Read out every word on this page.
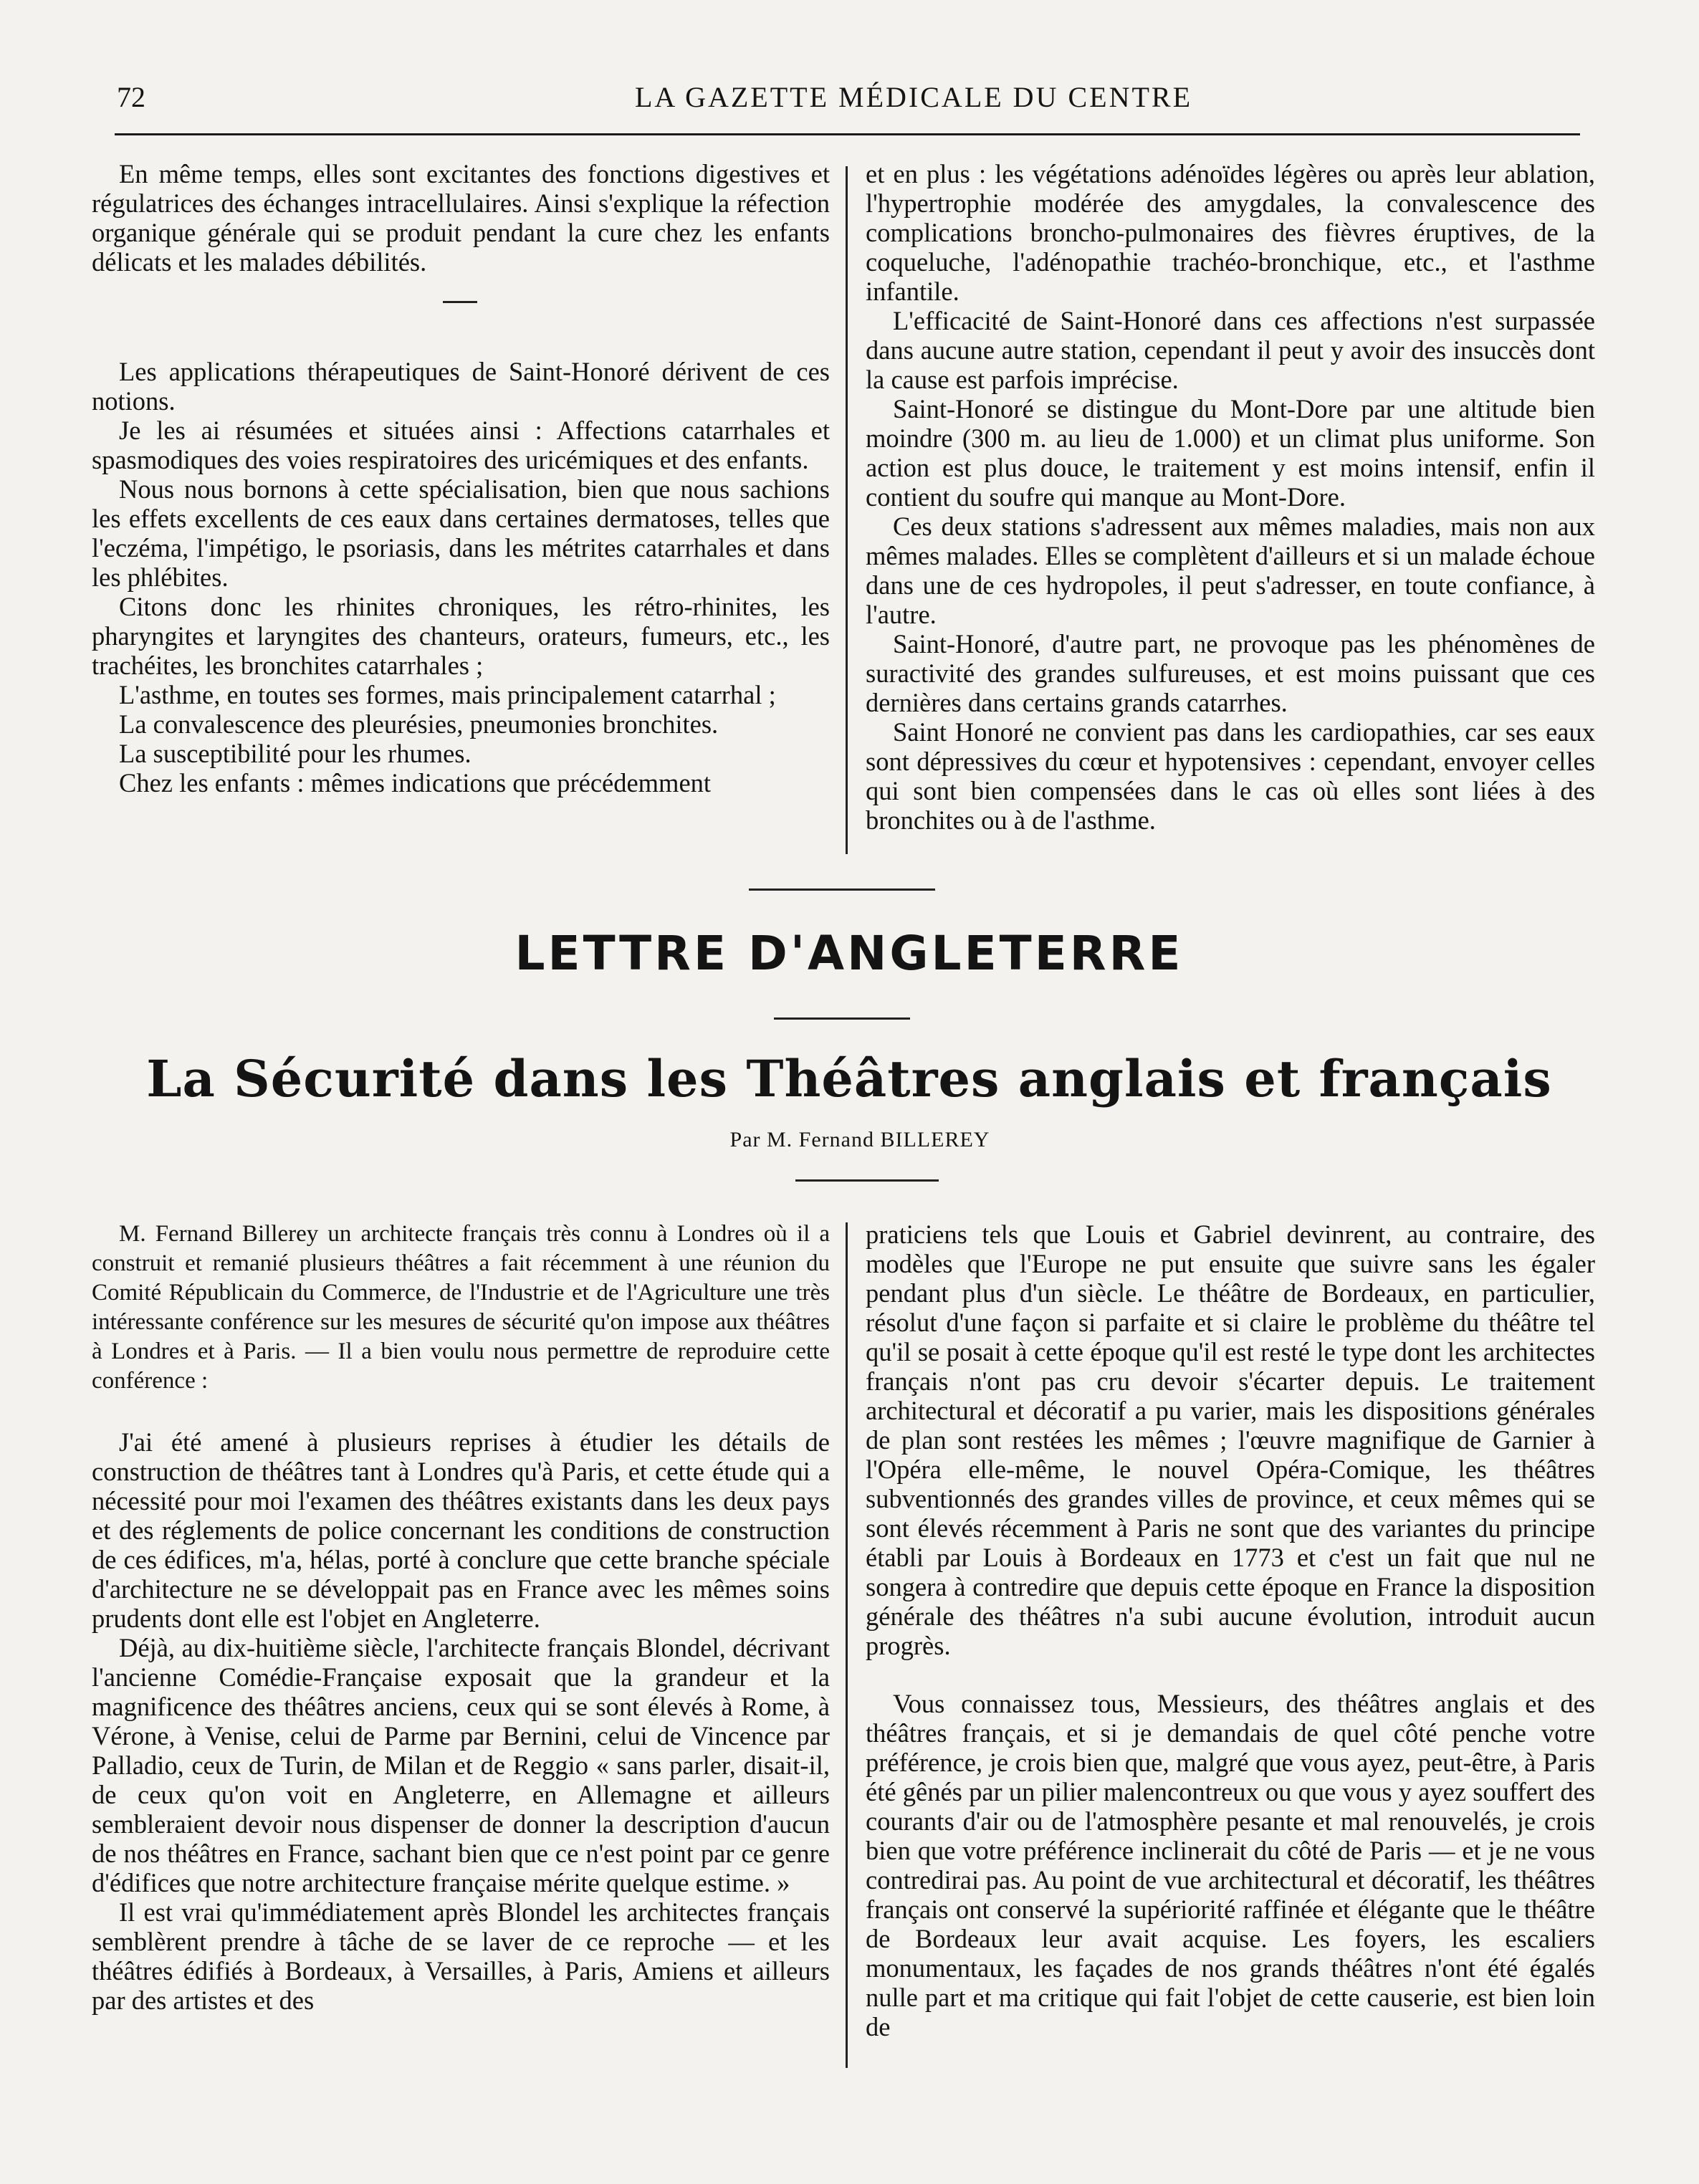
72	LA GAZETTE MÉDICALE DU CENTRE

En même temps, elles sont excitantes des fonctions digestives et régulatrices des échanges intracellulaires. Ainsi s'explique la réfection organique générale qui se produit pendant la cure chez les enfants délicats et les malades débilités.

Les applications thérapeutiques de Saint-Honoré dérivent de ces notions.

Je les ai résumées et situées ainsi : Affections catarrhales et spasmodiques des voies respiratoires des uricémiques et des enfants.

Nous nous bornons à cette spécialisation, bien que nous sachions les effets excellents de ces eaux dans certaines dermatoses, telles que l'eczéma, l'impétigo, le psoriasis, dans les métrites catarrhales et dans les phlébites.

Citons donc les rhinites chroniques, les rétro-rhinites, les pharyngites et laryngites des chanteurs, orateurs, fumeurs, etc., les trachéites, les bronchites catarrhales ;

L'asthme, en toutes ses formes, mais principalement catarrhal ;

La convalescence des pleurésies, pneumonies bronchites.

La susceptibilité pour les rhumes.

Chez les enfants : mêmes indications que précédemment

et en plus : les végétations adénoïdes légères ou après leur ablation, l'hypertrophie modérée des amygdales, la convalescence des complications broncho-pulmonaires des fièvres éruptives, de la coqueluche, l'adénopathie trachéo-bronchique, etc., et l'asthme infantile.

L'efficacité de Saint-Honoré dans ces affections n'est surpassée dans aucune autre station, cependant il peut y avoir des insuccès dont la cause est parfois imprécise.

Saint-Honoré se distingue du Mont-Dore par une altitude bien moindre (300 m. au lieu de 1.000) et un climat plus uniforme. Son action est plus douce, le traitement y est moins intensif, enfin il contient du soufre qui manque au Mont-Dore.

Ces deux stations s'adressent aux mêmes maladies, mais non aux mêmes malades. Elles se complètent d'ailleurs et si un malade échoue dans une de ces hydropoles, il peut s'adresser, en toute confiance, à l'autre.

Saint-Honoré, d'autre part, ne provoque pas les phénomènes de suractivité des grandes sulfureuses, et est moins puissant que ces dernières dans certains grands catarrhes.

Saint Honoré ne convient pas dans les cardiopathies, car ses eaux sont dépressives du cœur et hypotensives : cependant, envoyer celles qui sont bien compensées dans le cas où elles sont liées à des bronchites ou à de l'asthme.

LETTRE D'ANGLETERRE
La Sécurité dans les Théâtres anglais et français
Par M. Fernand BILLEREY

M. Fernand Billerey un architecte français très connu à Londres où il a construit et remanié plusieurs théâtres a fait récemment à une réunion du Comité Républicain du Commerce, de l'Industrie et de l'Agriculture une très intéressante conférence sur les mesures de sécurité qu'on impose aux théâtres à Londres et à Paris. — Il a bien voulu nous permettre de reproduire cette conférence :

J'ai été amené à plusieurs reprises à étudier les détails de construction de théâtres tant à Londres qu'à Paris, et cette étude qui a nécessité pour moi l'examen des théâtres existants dans les deux pays et des réglements de police concernant les conditions de construction de ces édifices, m'a, hélas, porté à conclure que cette branche spéciale d'architecture ne se développait pas en France avec les mêmes soins prudents dont elle est l'objet en Angleterre.

Déjà, au dix-huitième siècle, l'architecte français Blondel, décrivant l'ancienne Comédie-Française exposait que la grandeur et la magnificence des théâtres anciens, ceux qui se sont élevés à Rome, à Vérone, à Venise, celui de Parme par Bernini, celui de Vincence par Palladio, ceux de Turin, de Milan et de Reggio « sans parler, disait-il, de ceux qu'on voit en Angleterre, en Allemagne et ailleurs sembleraient devoir nous dispenser de donner la description d'aucun de nos théâtres en France, sachant bien que ce n'est point par ce genre d'édifices que notre architecture française mérite quelque estime. »

Il est vrai qu'immédiatement après Blondel les architectes français semblèrent prendre à tâche de se laver de ce reproche — et les théâtres édifiés à Bordeaux, à Versailles, à Paris, Amiens et ailleurs par des artistes et des

praticiens tels que Louis et Gabriel devinrent, au contraire, des modèles que l'Europe ne put ensuite que suivre sans les égaler pendant plus d'un siècle. Le théâtre de Bordeaux, en particulier, résolut d'une façon si parfaite et si claire le problème du théâtre tel qu'il se posait à cette époque qu'il est resté le type dont les architectes français n'ont pas cru devoir s'écarter depuis. Le traitement architectural et décoratif a pu varier, mais les dispositions générales de plan sont restées les mêmes ; l'œuvre magnifique de Garnier à l'Opéra elle-même, le nouvel Opéra-Comique, les théâtres subventionnés des grandes villes de province, et ceux mêmes qui se sont élevés récemment à Paris ne sont que des variantes du principe établi par Louis à Bordeaux en 1773 et c'est un fait que nul ne songera à contredire que depuis cette époque en France la disposition générale des théâtres n'a subi aucune évolution, introduit aucun progrès.

Vous connaissez tous, Messieurs, des théâtres anglais et des théâtres français, et si je demandais de quel côté penche votre préférence, je crois bien que, malgré que vous ayez, peut-être, à Paris été gênés par un pilier malencontreux ou que vous y ayez souffert des courants d'air ou de l'atmosphère pesante et mal renouvelés, je crois bien que votre préférence inclinerait du côté de Paris — et je ne vous contredirai pas. Au point de vue architectural et décoratif, les théâtres français ont conservé la supériorité raffinée et élégante que le théâtre de Bordeaux leur avait acquise. Les foyers, les escaliers monumentaux, les façades de nos grands théâtres n'ont été égalés nulle part et ma critique qui fait l'objet de cette causerie, est bien loin de
